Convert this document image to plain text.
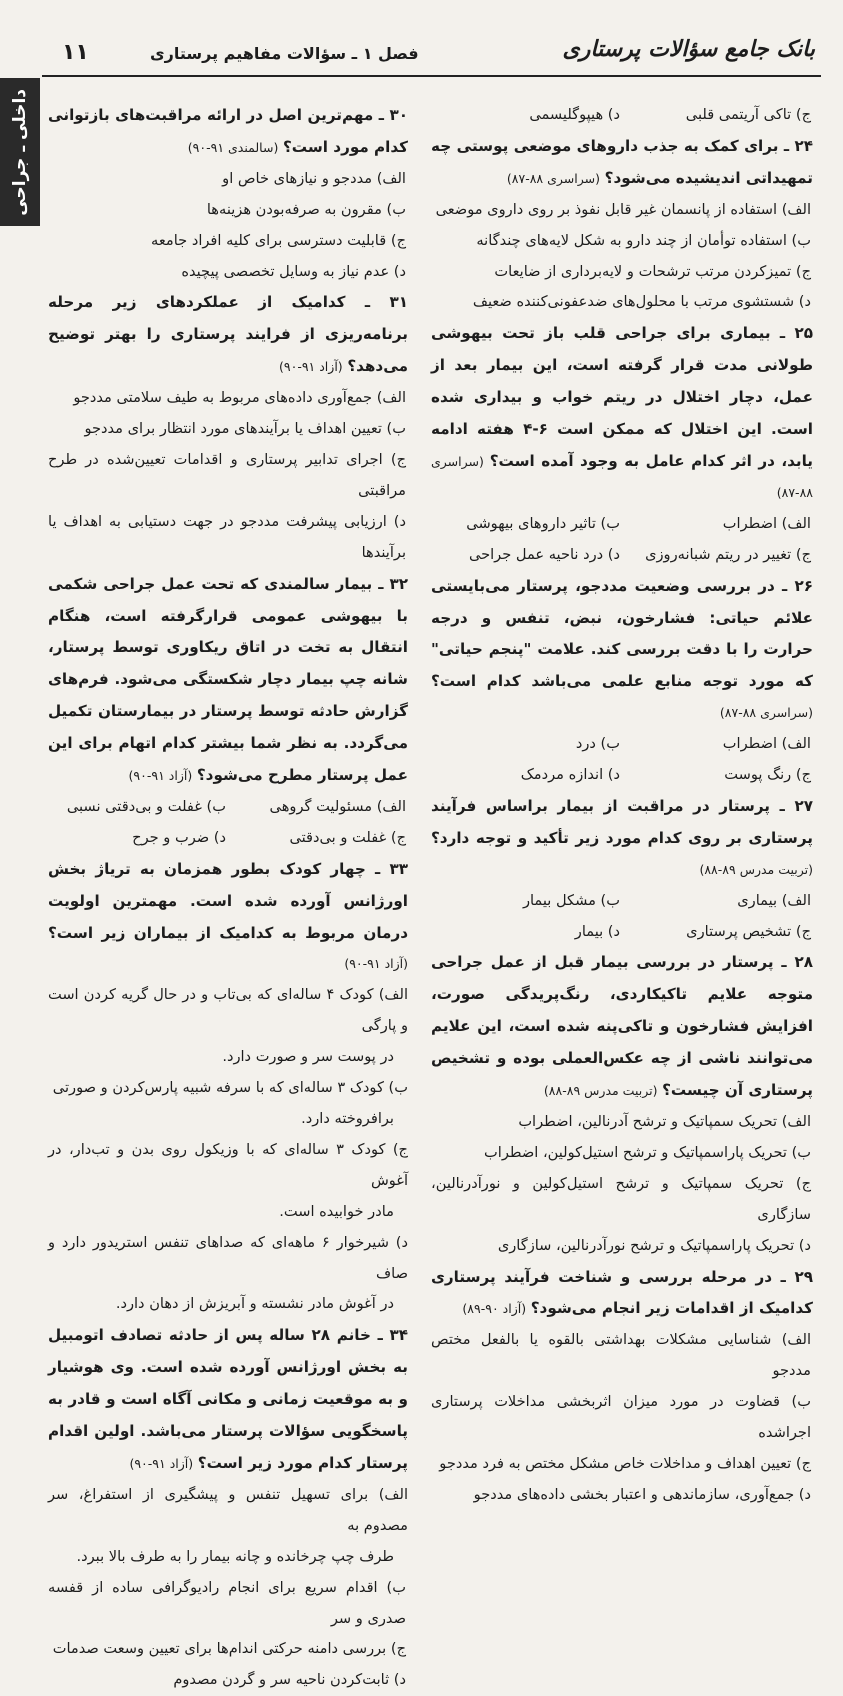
بانک جامع سؤالات پرستاری
فصل ۱ ـ سؤالات مفاهیم پرستاری
۱۱
داخلی ـ جراحی	ج) تاکی آریتمی قلبی
د) هیپوگلیسمی
۲۴ ـ برای کمک به جذب داروهای موضعی پوستی چه تمهیداتی اندیشیده می‌شود؟ (سراسری ۸۸-۸۷)
الف) استفاده از پانسمان غیر قابل نفوذ بر روی داروی موضعی
ب) استفاده توأمان از چند دارو به شکل لایه‌های چندگانه
ج) تمیزکردن مرتب ترشحات و لایه‌برداری از ضایعات
د) شستشوی مرتب با محلول‌های ضدعفونی‌کننده ضعیف
۲۵ ـ بیماری برای جراحی قلب باز تحت بیهوشی طولانی مدت قرار گرفته است، این بیمار بعد از عمل، دچار اختلال در ریتم خواب و بیداری شده است. این اختلال که ممکن است ۶-۴ هفته ادامه یابد، در اثر کدام عامل به وجود آمده است؟ (سراسری ۸۸-۸۷)
الف) اضطراب
ب) تاثیر داروهای بیهوشی
ج) تغییر در ریتم شبانه‌روزی
د) درد ناحیه عمل جراحی
۲۶ ـ در بررسی وضعیت مددجو، پرستار می‌بایستی علائم حیاتی: فشارخون، نبض، تنفس و درجه حرارت را با دقت بررسی کند. علامت "پنجم حیاتی" که مورد توجه منابع علمی می‌باشد کدام است؟ (سراسری ۸۸-۸۷)
الف) اضطراب
ب) درد
ج) رنگ پوست
د) اندازه مردمک
۲۷ ـ پرستار در مراقبت از بیمار براساس فرآیند پرستاری بر روی کدام مورد زیر تأکید و توجه دارد؟ (تربیت مدرس ۸۹-۸۸)
الف) بیماری
ب) مشکل بیمار
ج) تشخیص پرستاری
د) بیمار
۲۸ ـ پرستار در بررسی بیمار قبل از عمل جراحی متوجه علایم تاکیکاردی، رنگ‌پریدگی صورت، افزایش فشارخون و تاکی‌پنه شده است، این علایم می‌توانند ناشی از چه عکس‌العملی بوده و تشخیص پرستاری آن چیست؟ (تربیت مدرس ۸۹-۸۸)
الف) تحریک سمپاتیک و ترشح آدرنالین، اضطراب
ب) تحریک پاراسمپاتیک و ترشح استیل‌کولین، اضطراب
ج) تحریک سمپاتیک و ترشح استیل‌کولین و نورآدرنالین، سازگاری
د) تحریک پاراسمپاتیک و ترشح نورآدرنالین، سازگاری
۲۹ ـ در مرحله بررسی و شناخت فرآیند پرستاری کدامیک از اقدامات زیر انجام می‌شود؟ (آزاد ۹۰-۸۹)
الف) شناسایی مشکلات بهداشتی بالقوه یا بالفعل مختص مددجو
ب) قضاوت در مورد میزان اثربخشی مداخلات پرستاری اجراشده
ج) تعیین اهداف و مداخلات خاص مشکل مختص به فرد مددجو
د) جمع‌آوری، سازماندهی و اعتبار بخشی داده‌های مددجو
۳۰ ـ مهم‌ترین اصل در ارائه مراقبت‌های بازتوانی کدام مورد است؟ (سالمندی ۹۱-۹۰)
الف) مددجو و نیازهای خاص او
ب) مقرون به صرفه‌بودن هزینه‌ها
ج) قابلیت دسترسی برای کلیه افراد جامعه
د) عدم نیاز به وسایل تخصصی پیچیده
۳۱ ـ کدامیک از عملکردهای زیر مرحله برنامه‌ریزی از فرایند پرستاری را بهتر توضیح می‌دهد؟ (آزاد ۹۱-۹۰)
الف) جمع‌آوری داده‌های مربوط به طیف سلامتی مددجو
ب) تعیین اهداف یا برآیندهای مورد انتظار برای مددجو
ج) اجرای تدابیر پرستاری و اقدامات تعیین‌شده در طرح مراقبتی
د) ارزیابی پیشرفت مددجو در جهت دستیابی به اهداف یا برآیندها
۳۲ ـ بیمار سالمندی که تحت عمل جراحی شکمی با بیهوشی عمومی قرارگرفته است، هنگام انتقال به تخت در اتاق ریکاوری توسط پرستار، شانه چپ بیمار دچار شکستگی می‌شود. فرم‌های گزارش حادثه توسط پرستار در بیمارستان تکمیل می‌گردد. به نظر شما بیشتر کدام اتهام برای این عمل پرستار مطرح می‌شود؟ (آزاد ۹۱-۹۰)
الف) مسئولیت گروهی
ب) غفلت و بی‌دقتی نسبی
ج) غفلت و بی‌دقتی
د) ضرب و جرح
۳۳ ـ چهار کودک بطور همزمان به تریاژ بخش اورژانس آورده شده است. مهمترین اولویت درمان مربوط به کدامیک از بیماران زیر است؟ (آزاد ۹۱-۹۰)
الف) کودک ۴ ساله‌ای که بی‌تاب و در حال گریه کردن است و پارگی
در پوست سر و صورت دارد.
ب) کودک ۳ ساله‌ای که با سرفه شبیه پارس‌کردن و صورتی
برافروخته دارد.
ج) کودک ۳ ساله‌ای که با وزیکول روی بدن و تب‌دار، در آغوش
مادر خوابیده است.
د) شیرخوار ۶ ماهه‌ای که صداهای تنفس استریدور دارد و صاف
در آغوش مادر نشسته و آبریزش از دهان دارد.
۳۴ ـ خانم ۲۸ ساله پس از حادثه تصادف اتومبیل به بخش اورژانس آورده شده است. وی هوشیار و به موقعیت زمانی و مکانی آگاه است و قادر به پاسخگویی سؤالات پرستار می‌باشد. اولین اقدام پرستار کدام مورد زیر است؟ (آزاد ۹۱-۹۰)
الف) برای تسهیل تنفس و پیشگیری از استفراغ، سر مصدوم به
طرف چپ چرخانده و چانه بیمار را به طرف بالا ببرد.
ب) اقدام سریع برای انجام رادیوگرافی ساده از قفسه صدری و سر
ج) بررسی دامنه حرکتی اندام‌ها برای تعیین وسعت صدمات
د) ثابت‌کردن ناحیه سر و گردن مصدوم
